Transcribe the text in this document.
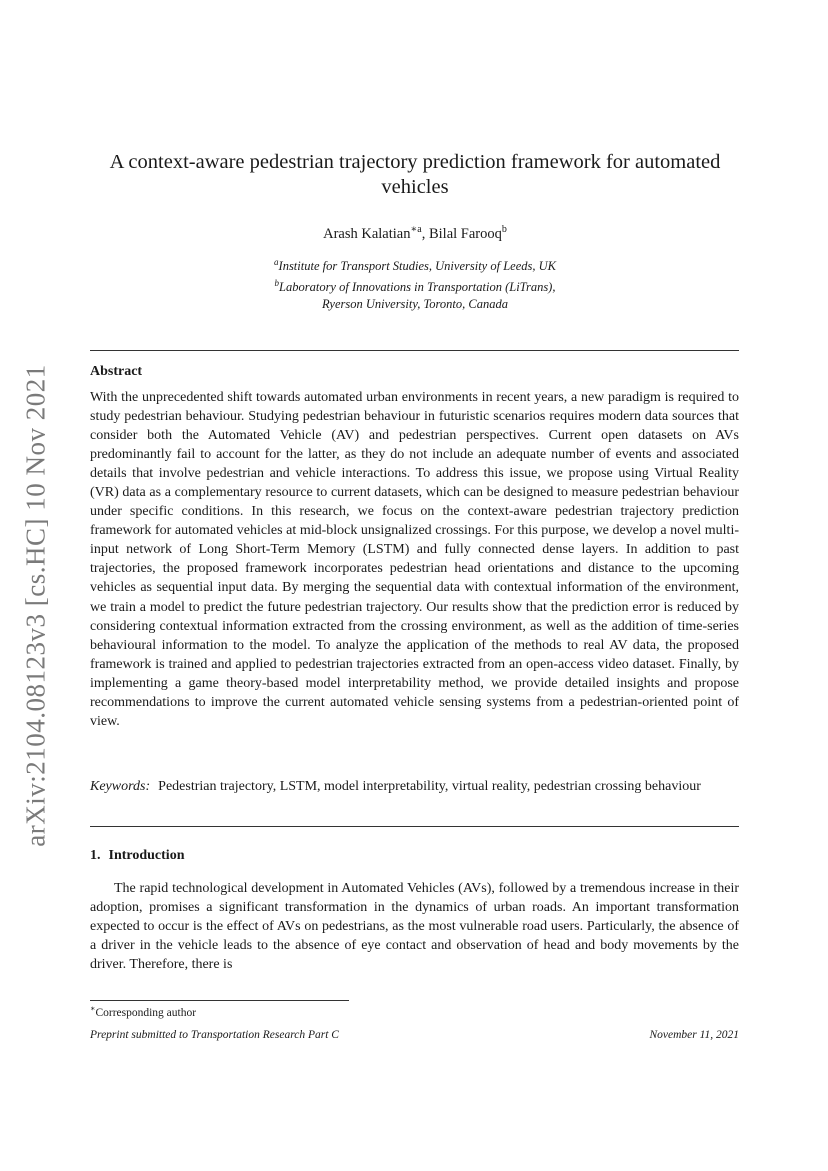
arXiv:2104.08123v3 [cs.HC] 10 Nov 2021
A context-aware pedestrian trajectory prediction framework for automated vehicles
Arash Kalatian$^{∗a}$, Bilal Farooq$^b$
$^a$Institute for Transport Studies, University of Leeds, UK
$^b$Laboratory of Innovations in Transportation (LiTrans),
Ryerson University, Toronto, Canada
Abstract
With the unprecedented shift towards automated urban environments in recent years, a new paradigm is required to study pedestrian behaviour. Studying pedestrian behaviour in futuristic scenarios requires modern data sources that consider both the Automated Vehicle (AV) and pedestrian perspectives. Current open datasets on AVs predominantly fail to account for the latter, as they do not include an adequate number of events and associated details that involve pedestrian and vehicle interactions. To address this issue, we propose using Virtual Reality (VR) data as a complementary resource to current datasets, which can be designed to measure pedestrian behaviour under specific conditions. In this research, we focus on the context-aware pedestrian trajectory prediction framework for automated vehicles at mid-block unsignalized crossings. For this purpose, we develop a novel multi-input network of Long Short-Term Memory (LSTM) and fully connected dense layers. In addition to past trajectories, the proposed framework incorporates pedestrian head orientations and distance to the upcoming vehicles as sequential input data. By merging the sequential data with contextual information of the environment, we train a model to predict the future pedestrian trajectory. Our results show that the prediction error is reduced by considering contextual information extracted from the crossing environment, as well as the addition of time-series behavioural information to the model. To analyze the application of the methods to real AV data, the proposed framework is trained and applied to pedestrian trajectories extracted from an open-access video dataset. Finally, by implementing a game theory-based model interpretability method, we provide detailed insights and propose recommendations to improve the current automated vehicle sensing systems from a pedestrian-oriented point of view.
Keywords: Pedestrian trajectory, LSTM, model interpretability, virtual reality, pedestrian crossing behaviour
1. Introduction
The rapid technological development in Automated Vehicles (AVs), followed by a tremendous increase in their adoption, promises a significant transformation in the dynamics of urban roads. An important transformation expected to occur is the effect of AVs on pedestrians, as the most vulnerable road users. Particularly, the absence of a driver in the vehicle leads to the absence of eye contact and observation of head and body movements by the driver. Therefore, there is
∗Corresponding author
Preprint submitted to Transportation Research Part C	November 11, 2021
